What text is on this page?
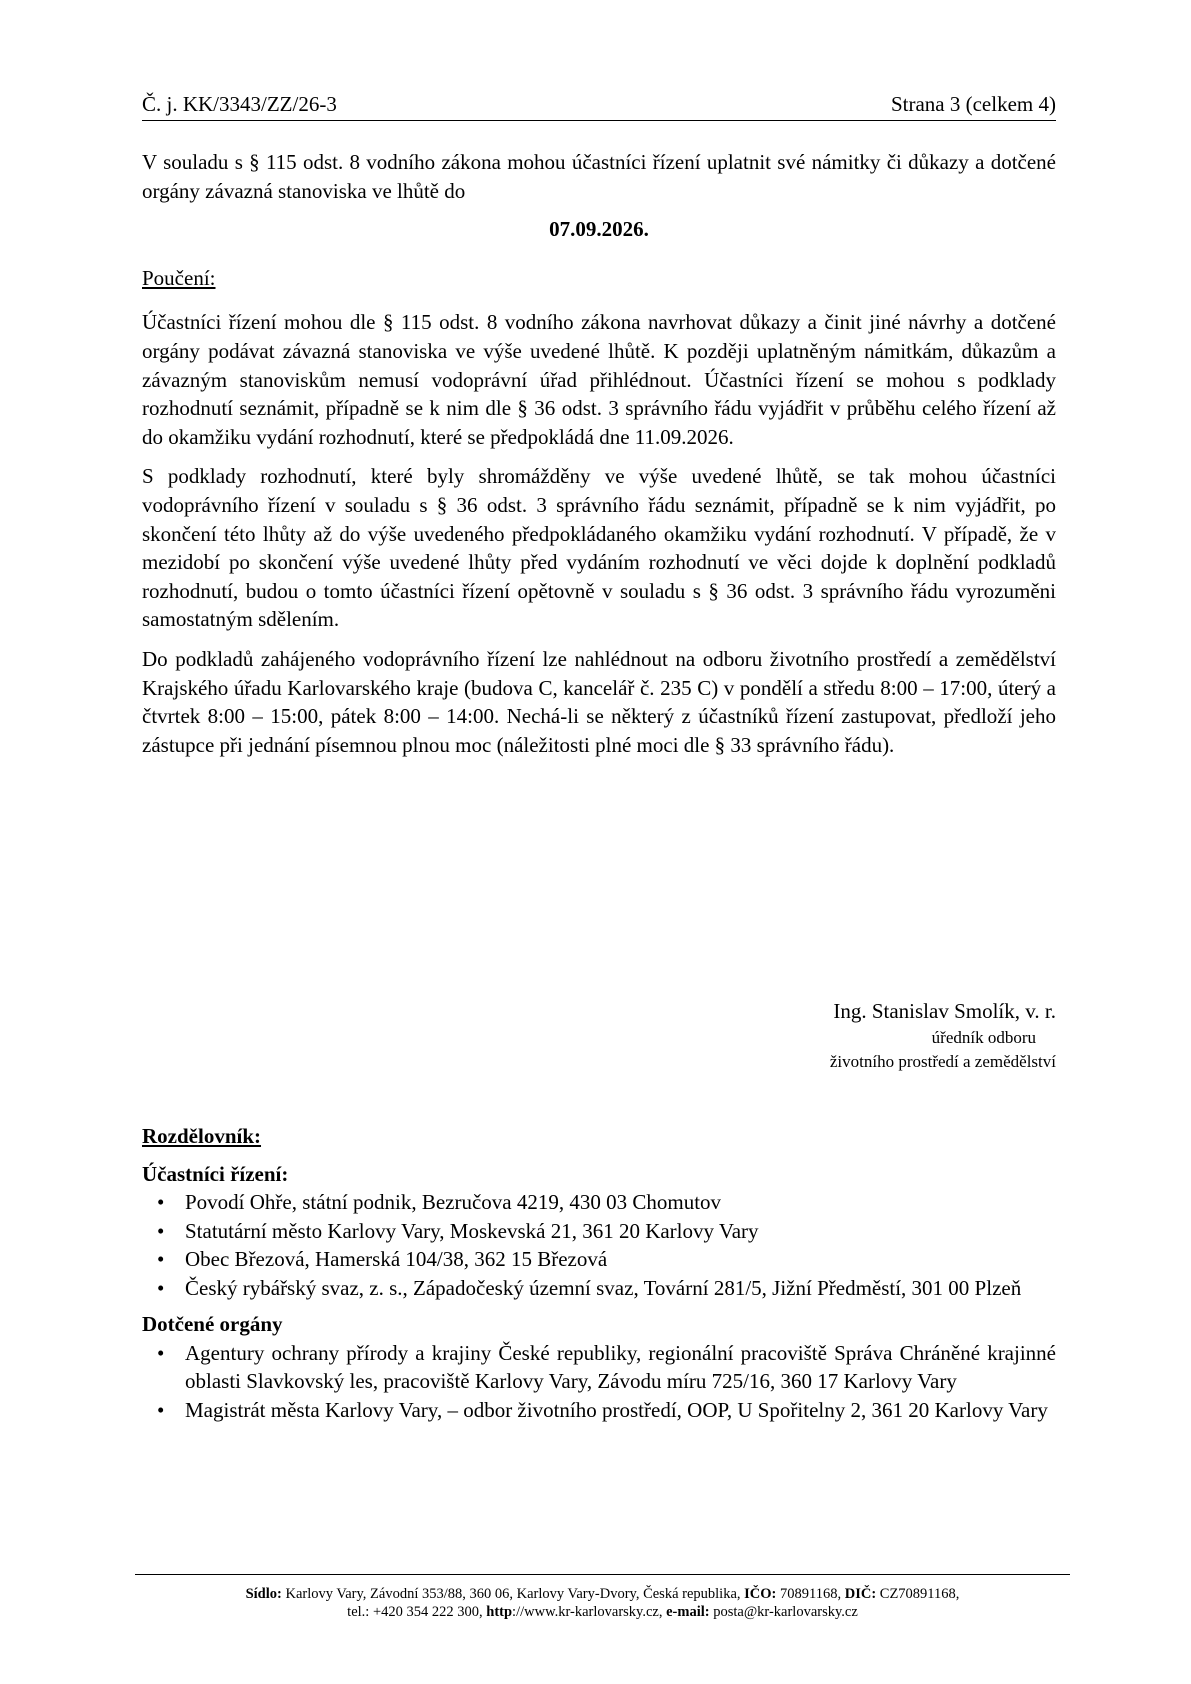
Č. j. KK/3343/ZZ/26-3	Strana 3 (celkem 4)

V souladu s § 115 odst. 8 vodního zákona mohou účastníci řízení uplatnit své námitky či důkazy a dotčené orgány závazná stanoviska ve lhůtě do

07.09.2026.
Poučení:

Účastníci řízení mohou dle § 115 odst. 8 vodního zákona navrhovat důkazy a činit jiné návrhy a dotčené orgány podávat závazná stanoviska ve výše uvedené lhůtě. K později uplatněným námitkám, důkazům a závazným stanoviskům nemusí vodoprávní úřad přihlédnout. Účastníci řízení se mohou s podklady rozhodnutí seznámit, případně se k nim dle § 36 odst. 3 správního řádu vyjádřit v průběhu celého řízení až do okamžiku vydání rozhodnutí, které se předpokládá dne 11.09.2026.

S podklady rozhodnutí, které byly shromážděny ve výše uvedené lhůtě, se tak mohou účastníci vodoprávního řízení v souladu s § 36 odst. 3 správního řádu seznámit, případně se k nim vyjádřit, po skončení této lhůty až do výše uvedeného předpokládaného okamžiku vydání rozhodnutí. V případě, že v mezidobí po skončení výše uvedené lhůty před vydáním rozhodnutí ve věci dojde k doplnění podkladů rozhodnutí, budou o tomto účastníci řízení opětovně v souladu s § 36 odst. 3 správního řádu vyrozuměni samostatným sdělením.

Do podkladů zahájeného vodoprávního řízení lze nahlédnout na odboru životního prostředí a zemědělství Krajského úřadu Karlovarského kraje (budova C, kancelář č. 235 C) v pondělí a středu 8:00 – 17:00, úterý a čtvrtek 8:00 – 15:00, pátek 8:00 – 14:00. Nechá-li se některý z účastníků řízení zastupovat, předloží jeho zástupce při jednání písemnou plnou moc (náležitosti plné moci dle § 33 správního řádu).

Ing. Stanislav Smolík, v. r.
úředník odboru
životního prostředí a zemědělství
Rozdělovník:
Účastníci řízení:
• Povodí Ohře, státní podnik, Bezručova 4219, 430 03 Chomutov
• Statutární město Karlovy Vary, Moskevská 21, 361 20 Karlovy Vary
• Obec Březová, Hamerská 104/38, 362 15 Březová
• Český rybářský svaz, z. s., Západočeský územní svaz, Tovární 281/5, Jižní Předměstí, 301 00 Plzeň
Dotčené orgány
• Agentury ochrany přírody a krajiny České republiky, regionální pracoviště Správa Chráněné krajinné oblasti Slavkovský les, pracoviště Karlovy Vary, Závodu míru 725/16, 360 17 Karlovy Vary
• Magistrát města Karlovy Vary, – odbor životního prostředí, OOP, U Spořitelny 2, 361 20 Karlovy Vary
Sídlo: Karlovy Vary, Závodní 353/88, 360 06, Karlovy Vary-Dvory, Česká republika, IČO: 70891168, DIČ: CZ70891168,
tel.: +420 354 222 300, http://www.kr-karlovarsky.cz, e-mail: posta@kr-karlovarsky.cz
